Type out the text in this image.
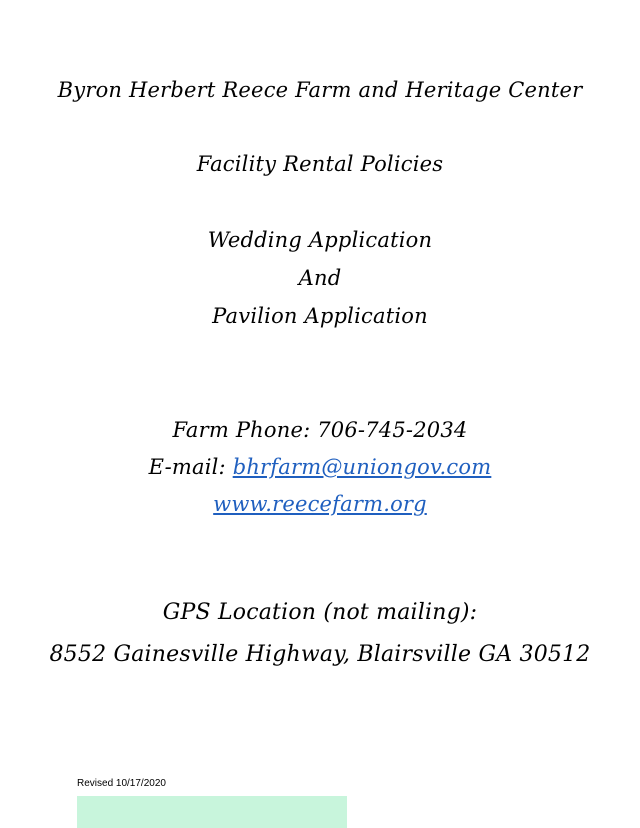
Byron Herbert Reece Farm and Heritage Center
Facility Rental Policies
Wedding Application
And
Pavilion Application
Farm Phone: 706-745-2034
E-mail: bhrfarm@uniongov.com
www.reecefarm.org
GPS Location (not mailing):
8552 Gainesville Highway, Blairsville GA 30512
Revised 10/17/2020
